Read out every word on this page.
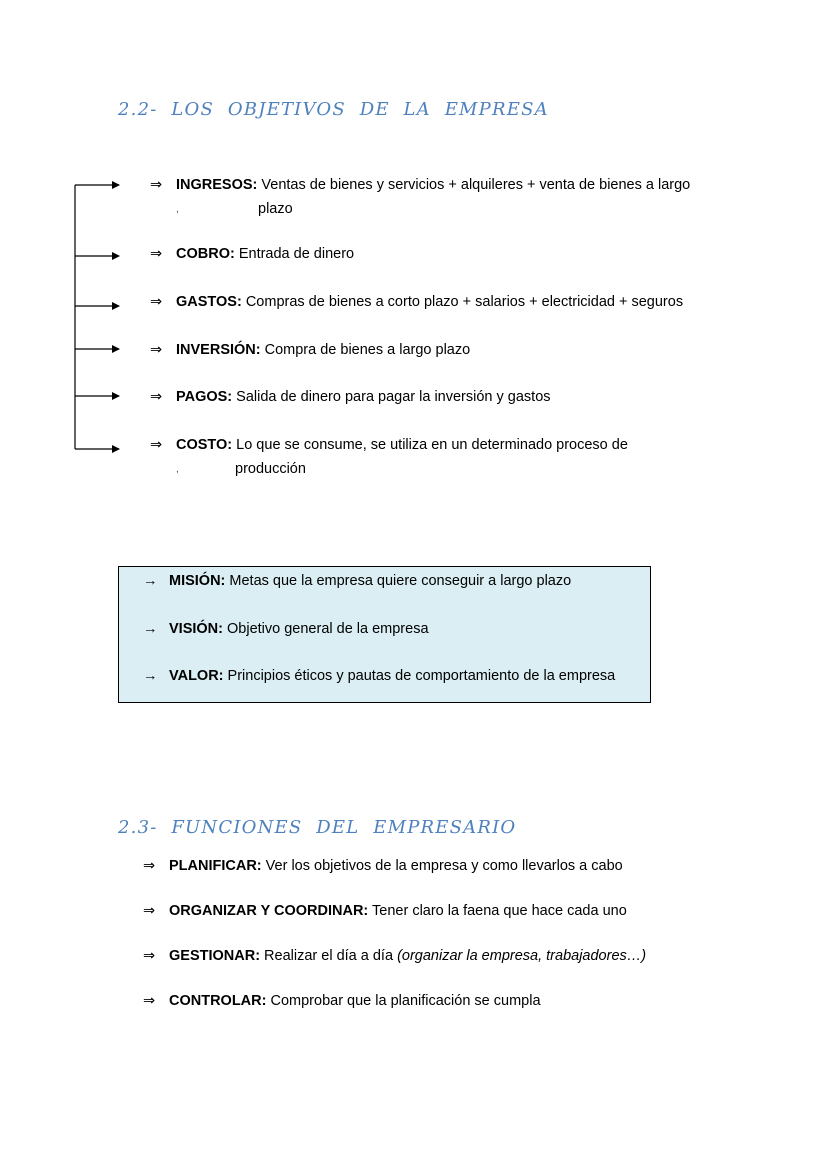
2.2-  LOS  OBJETIVOS  DE  LA  EMPRESA
⇒ INGRESOS: Ventas de bienes y servicios + alquileres + venta de bienes a largo
,	plazo
⇒ COBRO: Entrada de dinero
⇒ GASTOS: Compras de bienes a corto plazo + salarios + electricidad + seguros
⇒ INVERSIÓN: Compra de bienes a largo plazo
⇒ PAGOS: Salida de dinero para pagar la inversión y gastos
⇒ COSTO: Lo que se consume, se utiliza en un determinado proceso de
,	producción
→ MISIÓN: Metas que la empresa quiere conseguir a largo plazo
→ VISIÓN: Objetivo general de la empresa
→ VALOR: Principios éticos y pautas de comportamiento de la empresa
2.3-  FUNCIONES  DEL  EMPRESARIO
⇒ PLANIFICAR: Ver los objetivos de la empresa y como llevarlos a cabo
⇒ ORGANIZAR Y COORDINAR: Tener claro la faena que hace cada uno
⇒ GESTIONAR: Realizar el día a día (organizar la empresa, trabajadores…)
⇒ CONTROLAR: Comprobar que la planificación se cumpla
